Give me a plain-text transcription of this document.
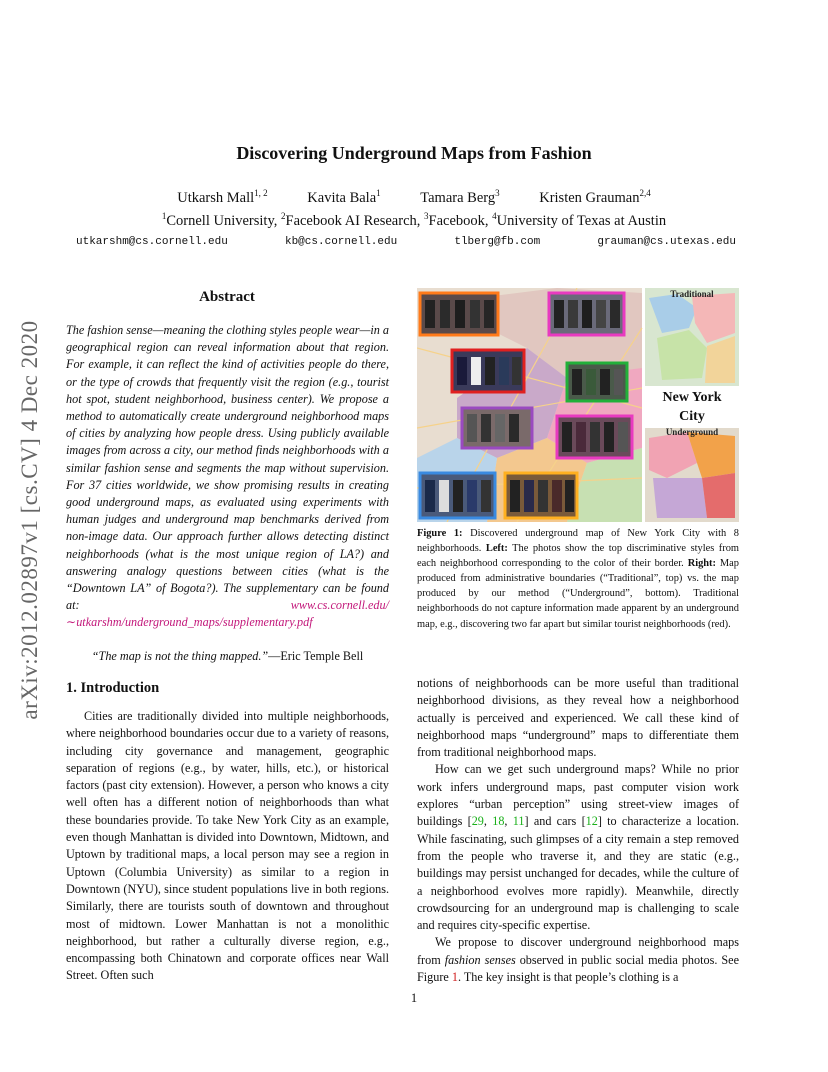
arXiv:2012.02897v1 [cs.CV] 4 Dec 2020
Discovering Underground Maps from Fashion
Utkarsh Mall$^{1, 2}$	Kavita Bala$^1$	Tamara Berg$^3$	Kristen Grauman$^{2,4}$
$^1$Cornell University, $^2$Facebook AI Research, $^3$Facebook, $^4$University of Texas at Austin
utkarshm@cs.cornell.edu	kb@cs.cornell.edu	tlberg@fb.com	grauman@cs.utexas.edu
Abstract
The fashion sense—meaning the clothing styles people wear—in a geographical region can reveal information about that region. For example, it can reflect the kind of activities people do there, or the type of crowds that frequently visit the region (e.g., tourist hot spot, student neighborhood, business center). We propose a method to automatically create underground neighborhood maps of cities by analyzing how people dress. Using publicly available images from across a city, our method finds neighborhoods with a similar fashion sense and segments the map without supervision. For 37 cities worldwide, we show promising results in creating good underground maps, as evaluated using experiments with human judges and underground map benchmarks derived from non-image data. Our approach further allows detecting distinct neighborhoods (what is the most unique region of LA?) and answering analogy questions between cities (what is the “Downtown LA” of Bogota?). The supplementary can be found at: www.cs.cornell.edu/∼utkarshm/underground_maps/supplementary.pdf
“The map is not the thing mapped.”—Eric Temple Bell
1. Introduction

Cities are traditionally divided into multiple neighborhoods, where neighborhood boundaries occur due to a variety of reasons, including city governance and management, geographic separation of regions (e.g., by water, hills, etc.), or historical factors (past city extension). However, a person who knows a city well often has a different notion of neighborhoods than what these boundaries provide. To take New York City as an example, even though Manhattan is divided into Downtown, Midtown, and Uptown by traditional maps, a local person may see a region in Uptown (Columbia University) as similar to a region in Downtown (NYU), since student populations live in both regions. Similarly, there are tourists south of downtown and throughout most of midtown. Lower Manhattan is not a monolithic neighborhood, but rather a culturally diverse region, e.g., encompassing both Chinatown and corporate offices near Wall Street. Often such

notions of neighborhoods can be more useful than traditional neighborhood divisions, as they reveal how a neighborhood actually is perceived and experienced. We call these kind of neighborhood maps “underground” maps to differentiate them from traditional neighborhood maps.

How can we get such underground maps? While no prior work infers underground maps, past computer vision work explores “urban perception” using street-view images of buildings [29, 18, 11] and cars [12] to characterize a location. While fascinating, such glimpses of a city remain a step removed from the people who traverse it, and they are static (e.g., buildings may persist unchanged for decades, while the culture of a neighborhood evolves more rapidly). Meanwhile, directly crowdsourcing for an underground map is challenging to scale and requires city-specific expertise.

We propose to discover underground neighborhood maps from fashion senses observed in public social media photos. See Figure 1. The key insight is that people’s clothing is a

Traditional
New York
City
Underground
Figure 1: Discovered underground map of New York City with 8 neighborhoods. Left: The photos show the top discriminative styles from each neighborhood corresponding to the color of their border. Right: Map produced from administrative boundaries (“Traditional”, top) vs. the map produced by our method (“Underground”, bottom). Traditional neighborhoods do not capture information made apparent by an underground map, e.g., discovering two far apart but similar tourist neighborhoods (red).
1
